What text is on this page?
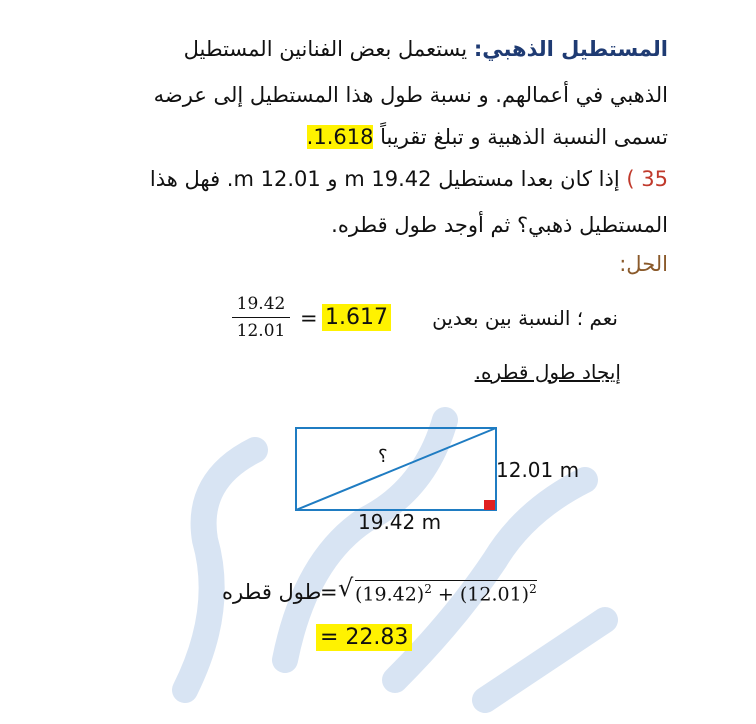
المستطيل الذهبي: يستعمل بعض الفنانين المستطيل
الذهبي في أعمالهم. و نسبة طول هذا المستطيل إلى عرضه
تسمى النسبة الذهبية و تبلغ تقريباً 1.618.
35 ) إذا كان بعدا مستطيل 19.42 m و 12.01 m. فهل هذا
المستطيل ذهبي؟ ثم أوجد طول قطره.
الحل:
$\frac{19.42}{12.01} = 1.617$ نعم ؛ النسبة بين بعدين
إيجاد طول قطره.
؟
12.01 m
19.42 m
طول قطره
= √ $(19.42)^2 + (12.01)^2$
= 22.83
